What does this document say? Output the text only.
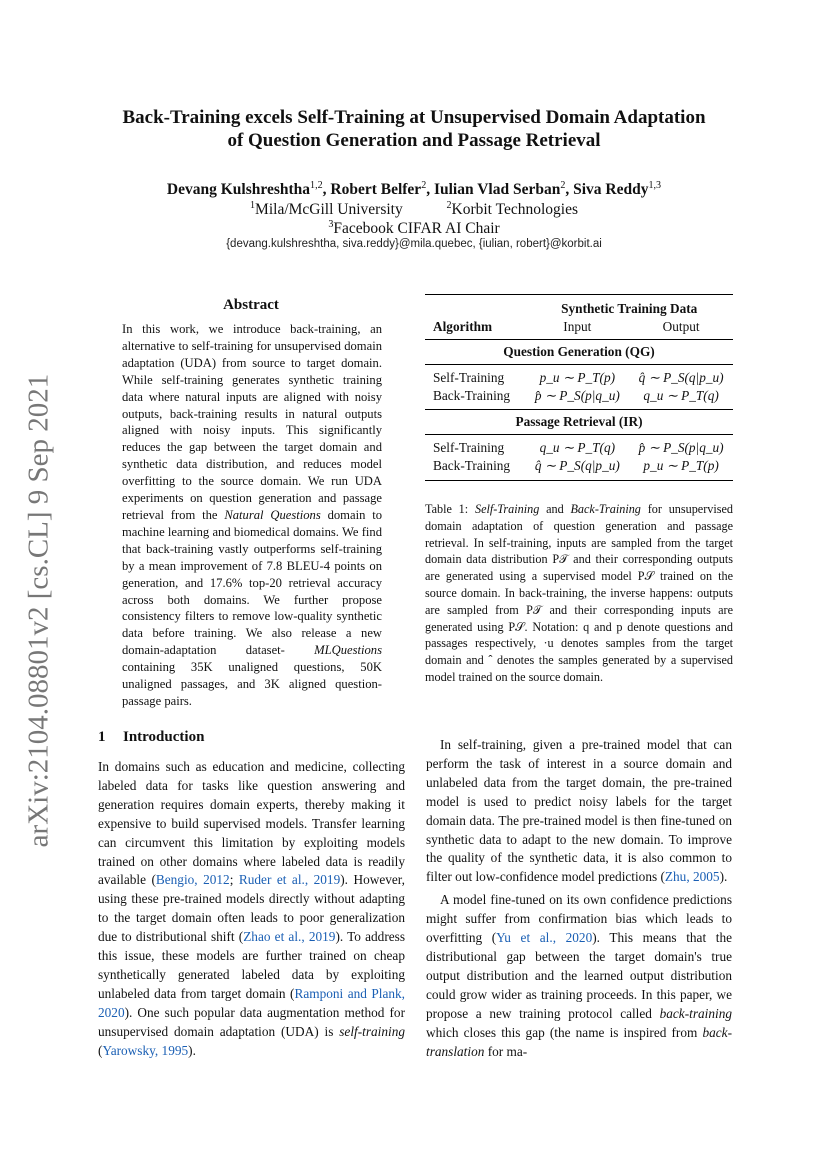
arXiv:2104.08801v2 [cs.CL] 9 Sep 2021
Back-Training excels Self-Training at Unsupervised Domain Adaptation
of Question Generation and Passage Retrieval
Devang Kulshreshtha$^{1,2}$, Robert Belfer$^2$, Iulian Vlad Serban$^2$, Siva Reddy$^{1,3}$
$^1$Mila/McGill University	$^2$Korbit Technologies
$^3$Facebook CIFAR AI Chair
{devang.kulshreshtha, siva.reddy}@mila.quebec, {iulian, robert}@korbit.ai
Abstract
In this work, we introduce back-training, an alternative to self-training for unsupervised domain adaptation (UDA) from source to target domain. While self-training generates synthetic training data where natural inputs are aligned with noisy outputs, back-training results in natural outputs aligned with noisy inputs. This significantly reduces the gap between the target domain and synthetic data distribution, and reduces model overfitting to the source domain. We run UDA experiments on question generation and passage retrieval from the Natural Questions domain to machine learning and biomedical domains. We find that back-training vastly outperforms self-training by a mean improvement of 7.8 BLEU-4 points on generation, and 17.6% top-20 retrieval accuracy across both domains. We further propose consistency filters to remove low-quality synthetic data before training. We also release a new domain-adaptation dataset- MLQuestions containing 35K unaligned questions, 50K unaligned passages, and 3K aligned question-passage pairs.
1 Introduction

In domains such as education and medicine, collecting labeled data for tasks like question answering and generation requires domain experts, thereby making it expensive to build supervised models. Transfer learning can circumvent this limitation by exploiting models trained on other domains where labeled data is readily available (Bengio, 2012; Ruder et al., 2019). However, using these pre-trained models directly without adapting to the target domain often leads to poor generalization due to distributional shift (Zhao et al., 2019). To address this issue, these models are further trained on cheap synthetically generated labeled data by exploiting unlabeled data from target domain (Ramponi and Plank, 2020). One such popular data augmentation method for unsupervised domain adaptation (UDA) is self-training (Yarowsky, 1995).

	Synthetic Training Data	
Algorithm	Input	Output
Question Generation (QG)		
Self-Training	p_u ∼ P_T(p)	q̂ ∼ P_S(q|p_u)
Back-Training	p̂ ∼ P_S(p|q_u)	q_u ∼ P_T(q)
Passage Retrieval (IR)		
Self-Training	q_u ∼ P_T(q)	p̂ ∼ P_S(p|q_u)
Back-Training	q̂ ∼ P_S(q|p_u)	p_u ∼ P_T(p)
Table 1: Self-Training and Back-Training for unsupervised domain adaptation of question generation and passage retrieval. In self-training, inputs are sampled from the target domain data distribution P𝒯 and their corresponding outputs are generated using a supervised model P𝒮 trained on the source domain. In back-training, the inverse happens: outputs are sampled from P𝒯 and their corresponding inputs are generated using P𝒮. Notation: q and p denote questions and passages respectively, ·u denotes samples from the target domain and ˆ denotes the samples generated by a supervised model trained on the source domain.

In self-training, given a pre-trained model that can perform the task of interest in a source domain and unlabeled data from the target domain, the pre-trained model is used to predict noisy labels for the target domain data. The pre-trained model is then fine-tuned on synthetic data to adapt to the new domain. To improve the quality of the synthetic data, it is also common to filter out low-confidence model predictions (Zhu, 2005).

A model fine-tuned on its own confidence predictions might suffer from confirmation bias which leads to overfitting (Yu et al., 2020). This means that the distributional gap between the target domain's true output distribution and the learned output distribution could grow wider as training proceeds. In this paper, we propose a new training protocol called back-training which closes this gap (the name is inspired from back-translation for ma-
